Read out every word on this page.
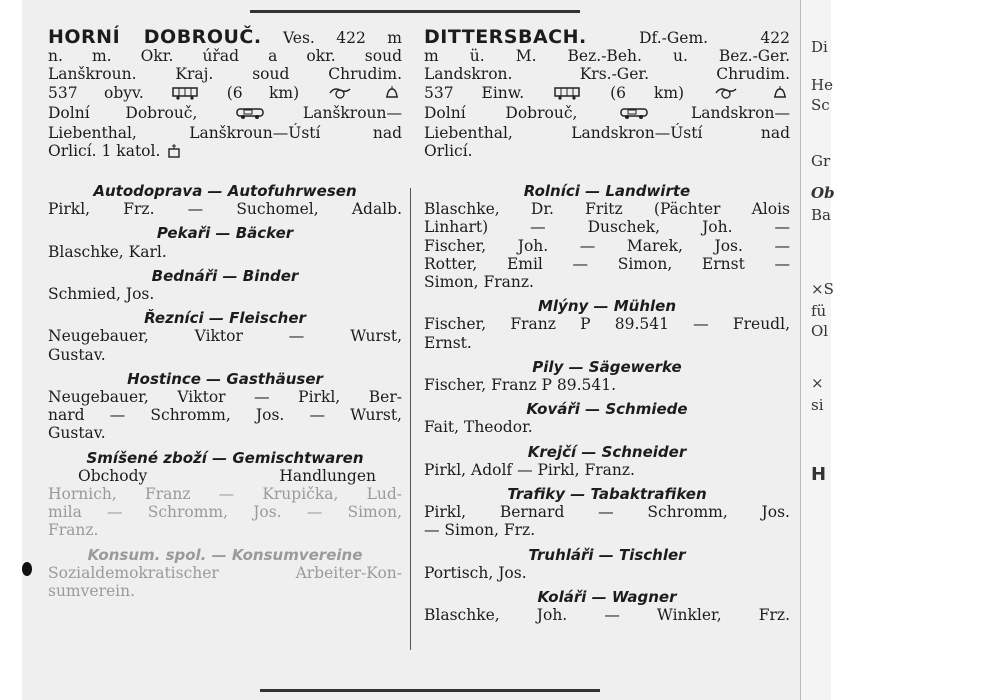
HORNÍ DOBROUČ. Ves. 422 m
n. m. Okr. úřad a okr. soud
Lanškroun. Kraj. soud Chrudim.
537 obyv.	(6 km)
Dolní Dobrouč,	Lanškroun—
Liebenthal, Lanškroun—Ústí nad
Orlicí. 1 katol.
Autodoprava — Autofuhrwesen
Pirkl, Frz. — Suchomel, Adalb.
Pekaři — Bäcker
Blaschke, Karl.
Bednáři — Binder
Schmied, Jos.
Řezníci — Fleischer
Neugebauer, Viktor — Wurst,
Gustav.
Hostince — Gasthäuser
Neugebauer, Viktor — Pirkl, Ber-
nard — Schromm, Jos. — Wurst,
Gustav.
Smíšené zboží — Gemischtwaren
Obchody	Handlungen
Hornich, Franz — Krupička, Lud-
mila — Schromm, Jos. — Simon,
Franz.
Konsum. spol. — Konsumvereine
Sozialdemokratischer Arbeiter-Kon-
sumverein.
DITTERSBACH.	Df.-Gem. 422
m ü. M. Bez.-Beh. u. Bez.-Ger.
Landskron. Krs.-Ger. Chrudim.
537 Einw.	(6 km)
Dolní Dobrouč,	Landskron—
Liebenthal, Landskron—Ústí nad
Orlicí.
Rolníci — Landwirte
Blaschke, Dr. Fritz (Pächter Alois
Linhart) — Duschek, Joh. —
Fischer, Joh. — Marek, Jos. —
Rotter, Emil — Simon, Ernst —
Simon, Franz.
Mlýny — Mühlen
Fischer, Franz P 89.541 — Freudl,
Ernst.
Pily — Sägewerke
Fischer, Franz P 89.541.
Kováři — Schmiede
Fait, Theodor.
Krejčí — Schneider
Pirkl, Adolf — Pirkl, Franz.
Trafiky — Tabaktrafiken
Pirkl, Bernard — Schromm, Jos.
— Simon, Frz.
Truhláři — Tischler
Portisch, Jos.
Koláři — Wagner
Blaschke, Joh. — Winkler, Frz.
Di
He
Sc
Gr
Ob
Ba
×S
fü
Ol
×
si
H
